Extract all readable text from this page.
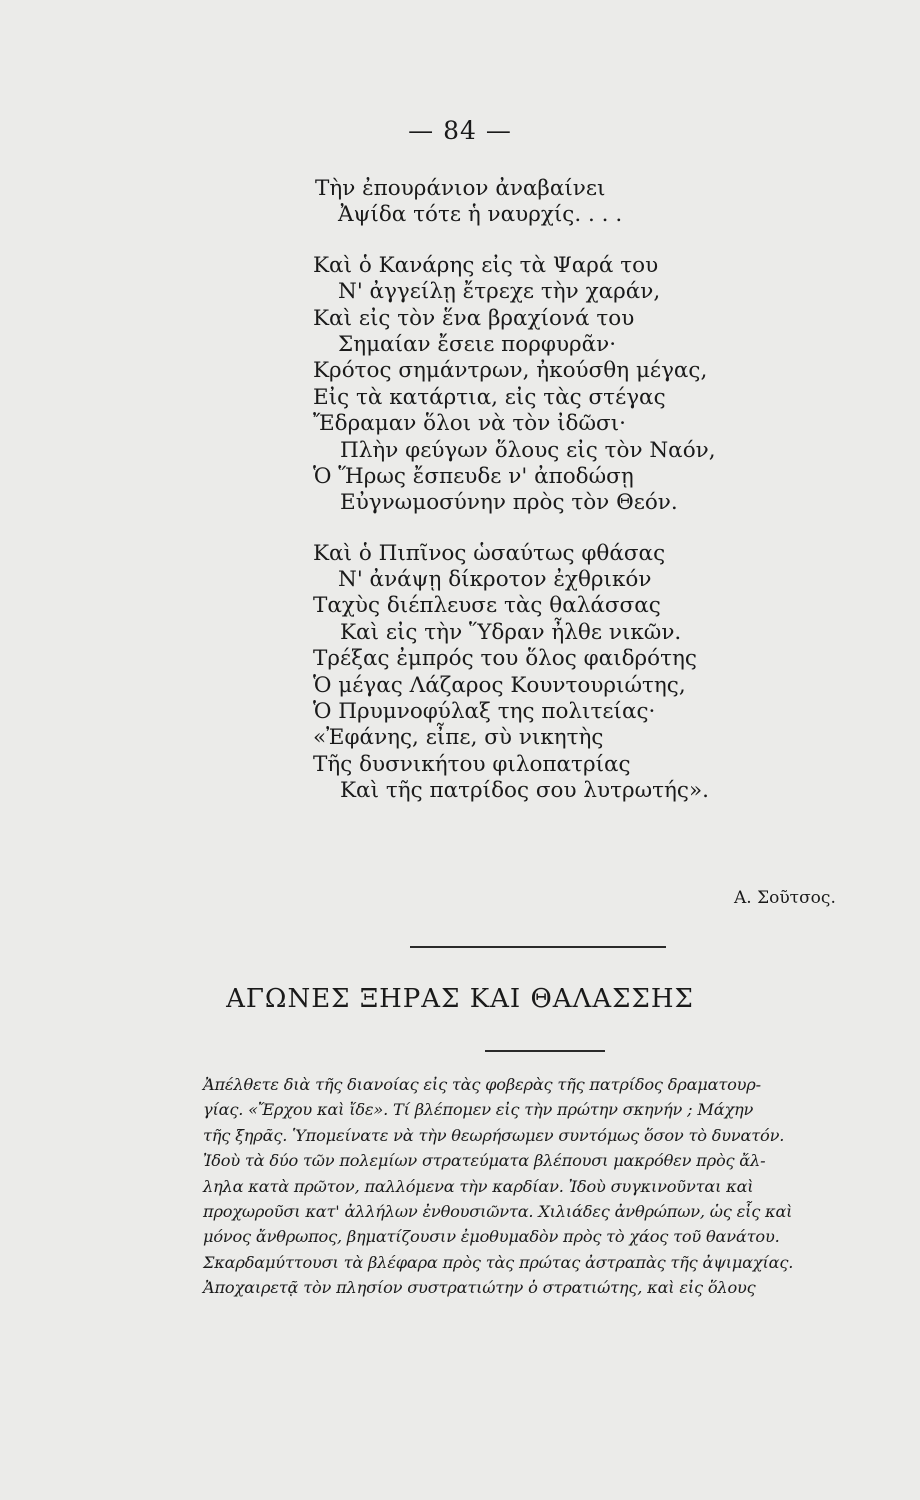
— 84 —
Τὴν ἐπουράνιον ἀναβαίνει
Ἀψίδα τότε ἡ ναυρχίς. . . .
Καὶ ὁ Κανάρης εἰς τὰ Ψαρά του
Ν' ἀγγείλῃ ἔτρεχε τὴν χαράν,
Καὶ εἰς τὸν ἕνα βραχίονά του
Σημαίαν ἔσειε πορφυρᾶν·
Κρότος σημάντρων, ἠκούσθη μέγας,
Εἰς τὰ κατάρτια, εἰς τὰς στέγας
Ἔδραμαν ὅλοι νὰ τὸν ἰδῶσι·
Πλὴν φεύγων ὅλους εἰς τὸν Ναόν,
Ὁ Ἥρως ἔσπευδε ν' ἀποδώσῃ
Εὐγνωμοσύνην πρὸς τὸν Θεόν.
Καὶ ὁ Πιπῖνος ὡσαύτως φθάσας
Ν' ἀνάψῃ δίκροτον ἐχθρικόν
Ταχὺς διέπλευσε τὰς θαλάσσας
Καὶ εἰς τὴν Ὕδραν ἦλθε νικῶν.
Τρέξας ἐμπρός του ὅλος φαιδρότης
Ὁ μέγας Λάζαρος Κουντουριώτης,
Ὁ Πρυμνοφύλαξ της πολιτείας·
«Ἐφάνης, εἶπε, σὺ νικητὴς
Τῆς δυσνικήτου φιλοπατρίας
Καὶ τῆς πατρίδος σου λυτρωτής».
Α. Σοῦτσος.
ΑΓΩΝΕΣ ΞΗΡΑΣ ΚΑΙ ΘΑΛΑΣΣΗΣ
Ἀπέλθετε διὰ τῆς διανοίας εἰς τὰς φοβερὰς τῆς πατρίδος δραματουρ-
γίας. «Ἔρχου καὶ ἴδε». Τί βλέπομεν εἰς τὴν πρώτην σκηνήν ; Μάχην
τῆς ξηρᾶς. Ὑπομείνατε νὰ τὴν θεωρήσωμεν συντόμως ὅσον τὸ δυνατόν.
Ἰδοὺ τὰ δύο τῶν πολεμίων στρατεύματα βλέπουσι μακρόθεν πρὸς ἄλ-
ληλα κατὰ πρῶτον, παλλόμενα τὴν καρδίαν. Ἰδοὺ συγκινοῦνται καὶ
προχωροῦσι κατ' ἀλλήλων ἐνθουσιῶντα. Χιλιάδες ἀνθρώπων, ὡς εἷς καὶ
μόνος ἄνθρωπος, βηματίζουσιν ἐμοθυμαδὸν πρὸς τὸ χάος τοῦ θανάτου.
Σκαρδαμύττουσι τὰ βλέφαρα πρὸς τὰς πρώτας ἀστραπὰς τῆς ἀψιμαχίας.
Ἀποχαιρετᾷ τὸν πλησίον συστρατιώτην ὁ στρατιώτης, καὶ εἰς ὅλους
